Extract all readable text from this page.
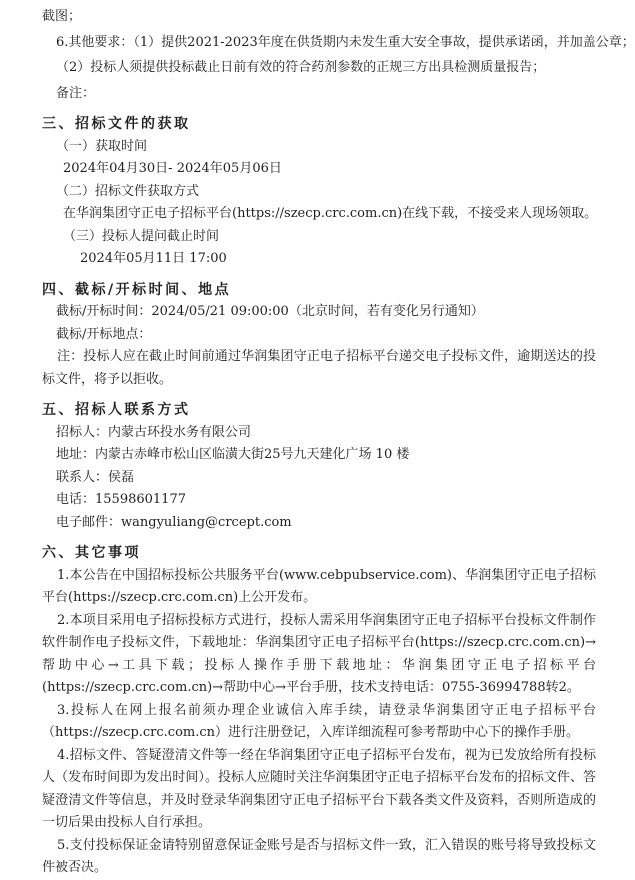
截图；

6.其他要求：（1）提供2021-2023年度在供货期内未发生重大安全事故，提供承诺函，并加盖公章；

（2）投标人须提供投标截止日前有效的符合药剂参数的正规三方出具检测质量报告；

备注：

三、招标文件的获取

（一）获取时间

2024年04月30日- 2024年05月06日

（二）招标文件获取方式

在华润集团守正电子招标平台(https://szecp.crc.com.cn)在线下载，不接受来人现场领取。

（三）投标人提问截止时间

2024年05月11日 17:00

四、截标/开标时间、地点

截标/开标时间：2024/05/21 09:00:00（北京时间，若有变化另行通知）

截标/开标地点：

注：投标人应在截止时间前通过华润集团守正电子招标平台递交电子投标文件，逾期送达的投标文件，将予以拒收。

五、招标人联系方式

招标人：内蒙古环投水务有限公司

地址：内蒙古赤峰市松山区临潢大街25号九天建化广场 10 楼

联系人：侯磊

电话：15598601177

电子邮件：wangyuliang@crcept.com

六、其它事项

1.本公告在中国招标投标公共服务平台(www.cebpubservice.com)、华润集团守正电子招标平台(https://szecp.crc.com.cn)上公开发布。

2.本项目采用电子招标投标方式进行，投标人需采用华润集团守正电子招标平台投标文件制作软件制作电子投标文件，下载地址：华润集团守正电子招标平台(https://szecp.crc.com.cn)→帮助中心→工具下载；投标人操作手册下载地址：华润集团守正电子招标平台(https://szecp.crc.com.cn)→帮助中心→平台手册，技术支持电话：0755-36994788转2。

3.投标人在网上报名前须办理企业诚信入库手续，请登录华润集团守正电子招标平台（https://szecp.crc.com.cn）进行注册登记，入库详细流程可参考帮助中心下的操作手册。

4.招标文件、答疑澄清文件等一经在华润集团守正电子招标平台发布，视为已发放给所有投标人（发布时间即为发出时间）。投标人应随时关注华润集团守正电子招标平台发布的招标文件、答疑澄清文件等信息，并及时登录华润集团守正电子招标平台下载各类文件及资料，否则所造成的一切后果由投标人自行承担。

5.支付投标保证金请特别留意保证金账号是否与招标文件一致，汇入错误的账号将导致投标文件被否决。
